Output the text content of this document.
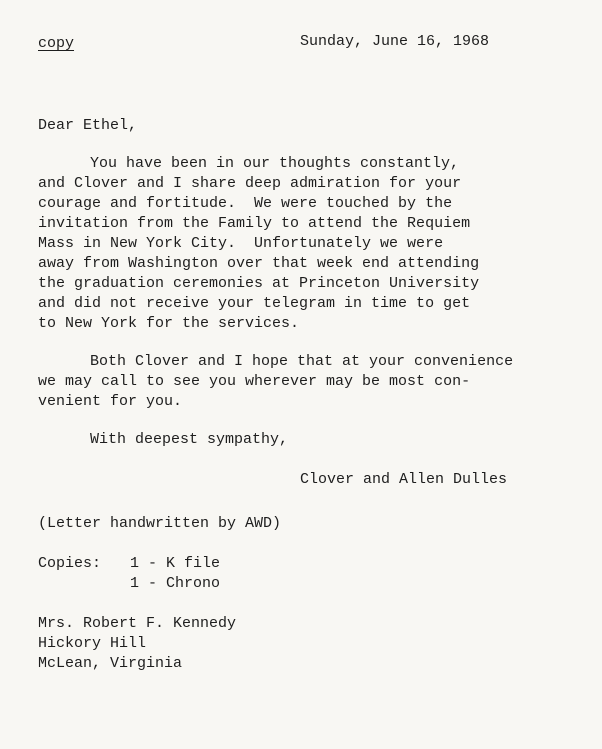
copy	Sunday, June 16, 1968
Dear Ethel,
You have been in our thoughts constantly,
and Clover and I share deep admiration for your
courage and fortitude.  We were touched by the
invitation from the Family to attend the Requiem
Mass in New York City.  Unfortunately we were
away from Washington over that week end attending
the graduation ceremonies at Princeton University
and did not receive your telegram in time to get
to New York for the services.
Both Clover and I hope that at your convenience
we may call to see you wherever may be most con-
venient for you.
With deepest sympathy,
Clover and Allen Dulles
(Letter handwritten by AWD)
Copies: 1 - K file
1 - Chrono
Mrs. Robert F. Kennedy
Hickory Hill
McLean, Virginia
